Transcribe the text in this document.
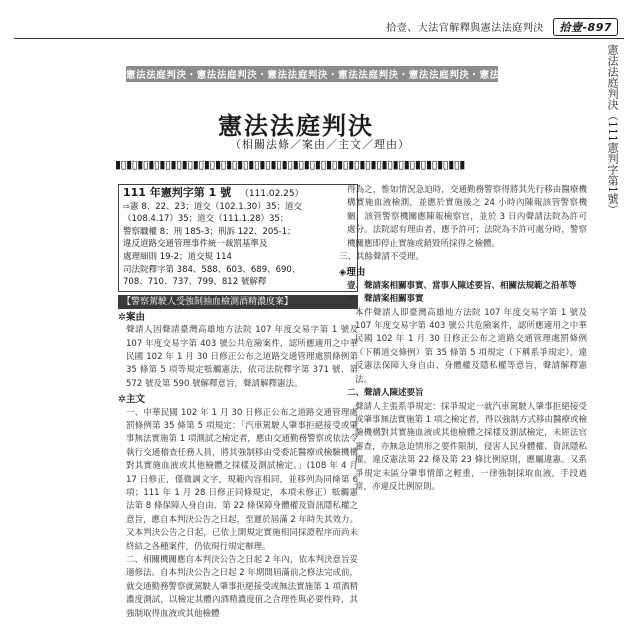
拾壹、大法官解釋與憲法法庭判決 拾壹-897
憲法法庭判決・憲法法庭判決・憲法法庭判決・憲法法庭判決・憲法法庭判決・憲法法庭判決	憲法法庭判決（111憲判字第1號）
憲法法庭判決
（相關法條／案由／主文／理由）
▮▯▮▯▮▯▮▯▮▯▮▯▮▯▮▯▮▯▮▯▮▯▮▯▮▯▮▯▮▯▮▯▮▯▮▯▮▯▮▯▮▯▮▯▮▯▮▯▮▯▮▯▮▯▮▯▮▯▮▯▮▯▮
111 年憲判字第 1 號 （111.02.25）
⇨憲 8、22、23；道交（102.1.30）35；道交
（108.4.17）35；道交（111.1.28）35；
警察職權 8；刑 185-3；刑訴 122、205-1；
違反道路交通管理事件統一裁罰基準及
處理細則 19-2；道交規 114
司法院釋字第 384、588、603、689、690、
708、710、737、799、812 號解釋
【警察駕駛人受強制抽血檢測酒精濃度案】
✲案由

聲請人因聲請臺灣高雄地方法院 107 年度交易字第 1 號及 107 年度交易字第 403 號公共危險案件，認所應適用之中華民國 102 年 1 月 30 日修正公布之道路交通管理處罰條例第 35 條第 5 項等規定牴觸憲法，依司法院釋字第 371 號、第 572 號及第 590 號解釋意旨，聲請解釋憲法。

✲主文

一、中華民國 102 年 1 月 30 日修正公布之道路交通管理處罰條例第 35 條第 5 項規定：「汽車駕駛人肇事拒絕接受或肇事無法實施第 1 項測試之檢定者，應由交通勤務警察或依法令執行交通稽查任務人員，將其強制移由受委託醫療或檢驗機構對其實施血液或其他檢體之採樣及測試檢定。」(108 年 4 月 17 日修正，僅微調文字，規範內容相同，並移列為同條第 6 項；111 年 1 月 28 日修正同條規定，本項未修正）牴觸憲法第 8 條保障人身自由、第 22 條保障身體權及資訊隱私權之意旨，應自本判決公告之日起，至遲於屆滿 2 年時失其效力。又本判決公告之日起，已依上開規定實施相同採證程序而尚未終結之各種案件，仍依現行規定辦理。

二、相關機關應自本判決公告之日起 2 年內，依本判決意旨妥適修法。自本判決公告之日起 2 年期間屆滿前之修法完成前，就交通勤務警察就駕駛人肇事拒絕接受或無法實施第 1 項酒精濃度測試，以檢定其體內酒精濃度值之合理性與必要性時，其強制取得血液或其他檢體

得為之，惟如情況急迫時，交通勤務警察得將其先行移由醫療機構實施血液檢測，並應於實施後之 24 小時內陳報該管警察機關，該管警察機關應陳報檢察官，並於 3 日內聲請法院為許可處分。法院認有理由者，應予許可；法院為不許可處分時，警察機關應即停止實施或銷毀所採得之檢體。

三、其餘聲請不受理。

◈理由
壹、聲請案相關事實、當事人陳述要旨、相關法規範之沿革等
一、聲請案相關事實

本件聲請人即臺灣高雄地方法院 107 年度交易字第 1 號及 107 年度交易字第 403 號公共危險案件，認所應適用之中華民國 102 年 1 月 30 日修正公布之道路交通管理處罰條例（下稱道交條例）第 35 條第 5 項規定（下稱系爭規定），違反憲法保障人身自由、身體權及隱私權等意旨，聲請解釋憲法。

二、聲請人陳述要旨

聲請人主張系爭規定：採爭規定一就汽車駕駛人肇事拒絕接受或肇事無法實施第 1 項之檢定者，得以強制方式移由醫療或檢驗機構對其實施血液或其他檢體之採樣及測試檢定，未經法官審查，亦無急迫情形之要件限制，侵害人民身體權、資訊隱私權，違反憲法第 22 條及第 23 條比例原則，應屬違憲。又系爭規定未區分肇事情節之輕重，一律強制採取血液，手段過當，亦違反比例原則。
